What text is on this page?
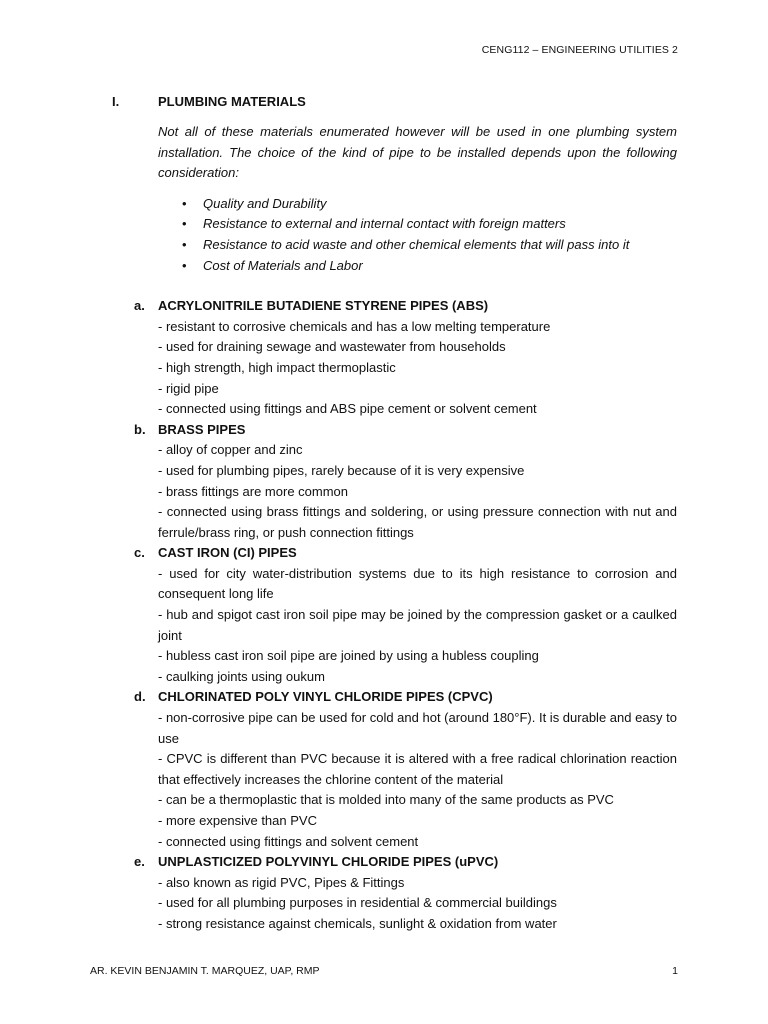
CENG112 – ENGINEERING UTILITIES 2
I.	PLUMBING MATERIALS

Not all of these materials enumerated however will be used in one plumbing system installation. The choice of the kind of pipe to be installed depends upon the following consideration:

• Quality and Durability
• Resistance to external and internal contact with foreign matters
• Resistance to acid waste and other chemical elements that will pass into it
• Cost of Materials and Labor
a. ACRYLONITRILE BUTADIENE STYRENE PIPES (ABS)
- resistant to corrosive chemicals and has a low melting temperature
- used for draining sewage and wastewater from households
- high strength, high impact thermoplastic
- rigid pipe
- connected using fittings and ABS pipe cement or solvent cement
b. BRASS PIPES
- alloy of copper and zinc
- used for plumbing pipes, rarely because of it is very expensive
- brass fittings are more common
- connected using brass fittings and soldering, or using pressure connection with nut and ferrule/brass ring, or push connection fittings
c. CAST IRON (CI) PIPES
- used for city water-distribution systems due to its high resistance to corrosion and consequent long life
- hub and spigot cast iron soil pipe may be joined by the compression gasket or a caulked joint
- hubless cast iron soil pipe are joined by using a hubless coupling
- caulking joints using oukum
d. CHLORINATED POLY VINYL CHLORIDE PIPES (CPVC)
- non-corrosive pipe can be used for cold and hot (around 180°F). It is durable and easy to use
- CPVC is different than PVC because it is altered with a free radical chlorination reaction that effectively increases the chlorine content of the material
- can be a thermoplastic that is molded into many of the same products as PVC
- more expensive than PVC
- connected using fittings and solvent cement
e. UNPLASTICIZED POLYVINYL CHLORIDE PIPES (uPVC)
- also known as rigid PVC, Pipes & Fittings
- used for all plumbing purposes in residential & commercial buildings
- strong resistance against chemicals, sunlight & oxidation from water
AR. KEVIN BENJAMIN T. MARQUEZ, UAP, RMP	1
